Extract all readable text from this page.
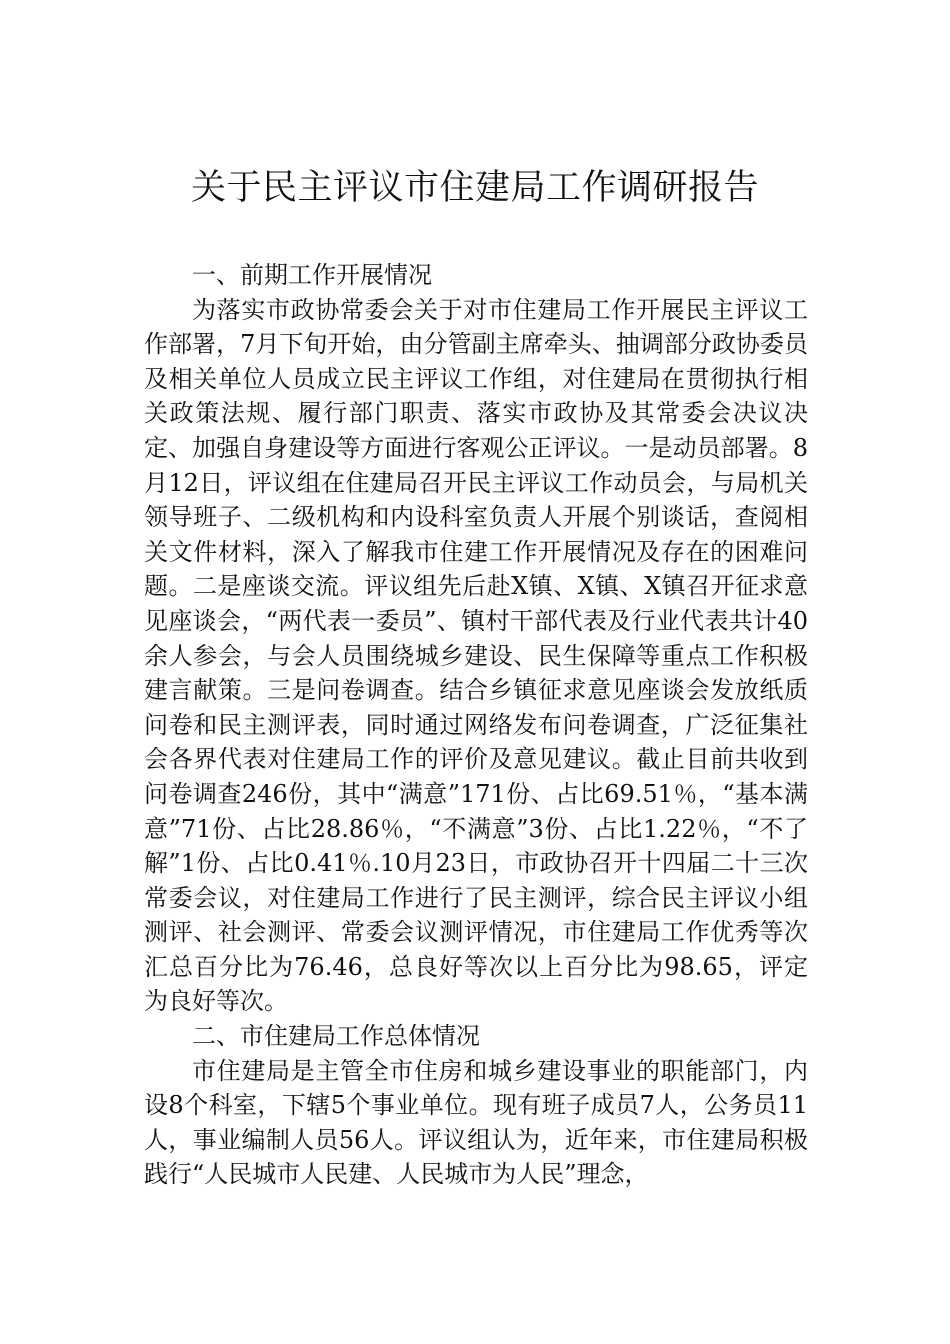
关于民主评议市住建局工作调研报告

一、前期工作开展情况

为落实市政协常委会关于对市住建局工作开展民主评议工作部署，7月下旬开始，由分管副主席牵头、抽调部分政协委员及相关单位人员成立民主评议工作组，对住建局在贯彻执行相关政策法规、履行部门职责、落实市政协及其常委会决议决定、加强自身建设等方面进行客观公正评议。一是动员部署。8月12日，评议组在住建局召开民主评议工作动员会，与局机关领导班子、二级机构和内设科室负责人开展个别谈话，查阅相关文件材料，深入了解我市住建工作开展情况及存在的困难问题。二是座谈交流。评议组先后赴X镇、X镇、X镇召开征求意见座谈会，“两代表一委员”、镇村干部代表及行业代表共计40余人参会，与会人员围绕城乡建设、民生保障等重点工作积极建言献策。三是问卷调查。结合乡镇征求意见座谈会发放纸质问卷和民主测评表，同时通过网络发布问卷调查，广泛征集社会各界代表对住建局工作的评价及意见建议。截止目前共收到问卷调查246份，其中“满意”171份、占比69.51％，“基本满意”71份、占比28.86％，“不满意”3份、占比1.22％，“不了解”1份、占比0.41％.10月23日，市政协召开十四届二十三次常委会议，对住建局工作进行了民主测评，综合民主评议小组测评、社会测评、常委会议测评情况，市住建局工作优秀等次汇总百分比为76.46，总良好等次以上百分比为98.65，评定为良好等次。

二、市住建局工作总体情况

市住建局是主管全市住房和城乡建设事业的职能部门，内设8个科室，下辖5个事业单位。现有班子成员7人，公务员11人，事业编制人员56人。评议组认为，近年来，市住建局积极践行“人民城市人民建、人民城市为人民”理念，
